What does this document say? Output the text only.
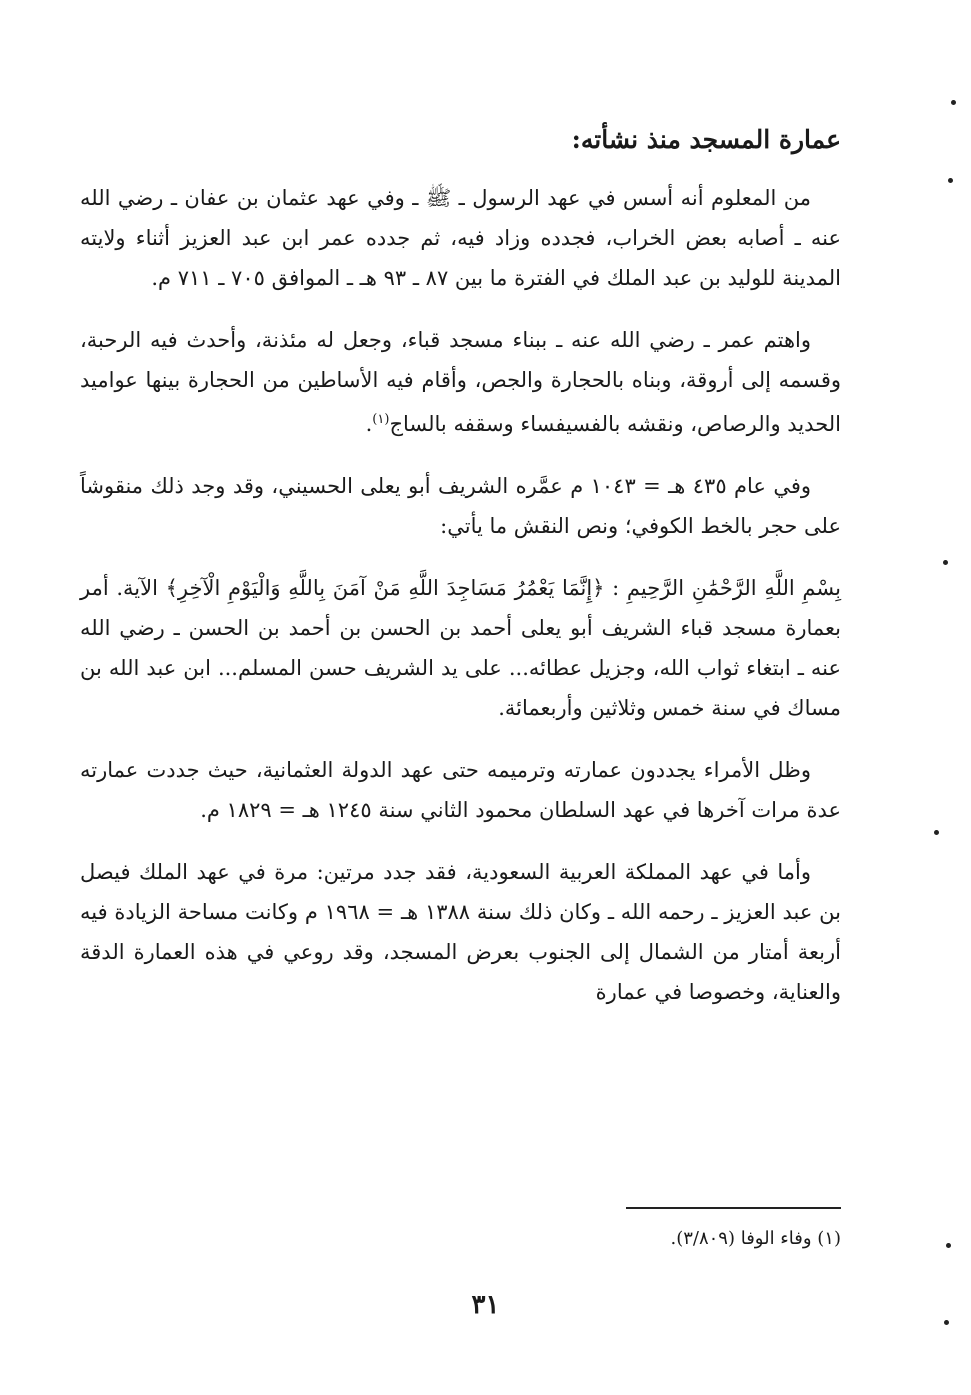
عمارة المسجد منذ نشأته:

من المعلوم أنه أسس في عهد الرسول ـ ﷺ ـ وفي عهد عثمان بن عفان ـ رضي الله عنه ـ أصابه بعض الخراب، فجدده وزاد فيه، ثم جدده عمر ابن عبد العزيز أثناء ولايته المدينة للوليد بن عبد الملك في الفترة ما بين ٨٧ ـ ٩٣ هـ ـ الموافق ٧٠٥ ـ ٧١١ م.

واهتم عمر ـ رضي الله عنه ـ ببناء مسجد قباء، وجعل له مئذنة، وأحدث فيه الرحبة، وقسمه إلى أروقة، وبناه بالحجارة والجص، وأقام فيه الأساطين من الحجارة بينها عواميد الحديد والرصاص، ونقشه بالفسيفساء وسقفه بالساج$^{(١)}$.

وفي عام ٤٣٥ هـ = ١٠٤٣ م عمَّره الشريف أبو يعلى الحسيني، وقد وجد ذلك منقوشاً على حجر بالخط الكوفي؛ ونص النقش ما يأتي:

بِسْمِ اللَّهِ الرَّحْمَٰنِ الرَّحِيمِ : ﴿إِنَّمَا يَعْمُرُ مَسَاجِدَ اللَّهِ مَنْ آمَنَ بِاللَّهِ وَالْيَوْمِ الْآخِرِ﴾ الآية. أمر بعمارة مسجد قباء الشريف أبو يعلى أحمد بن الحسن بن أحمد بن الحسن ـ رضي الله عنه ـ ابتغاء ثواب الله، وجزيل عطائه... على يد الشريف حسن المسلم... ابن عبد الله بن مساك في سنة خمس وثلاثين وأربعمائة.

وظل الأمراء يجددون عمارته وترميمه حتى عهد الدولة العثمانية، حيث جددت عمارته عدة مرات آخرها في عهد السلطان محمود الثاني سنة ١٢٤٥ هـ = ١٨٢٩ م.

وأما في عهد المملكة العربية السعودية، فقد جدد مرتين: مرة في عهد الملك فيصل بن عبد العزيز ـ رحمه الله ـ وكان ذلك سنة ١٣٨٨ هـ = ١٩٦٨ م وكانت مساحة الزيادة فيه أربعة أمتار من الشمال إلى الجنوب بعرض المسجد، وقد روعي في هذه العمارة الدقة والعناية، وخصوصا في عمارة

(١) وفاء الوفا (٣/٨٠٩).
٣١
